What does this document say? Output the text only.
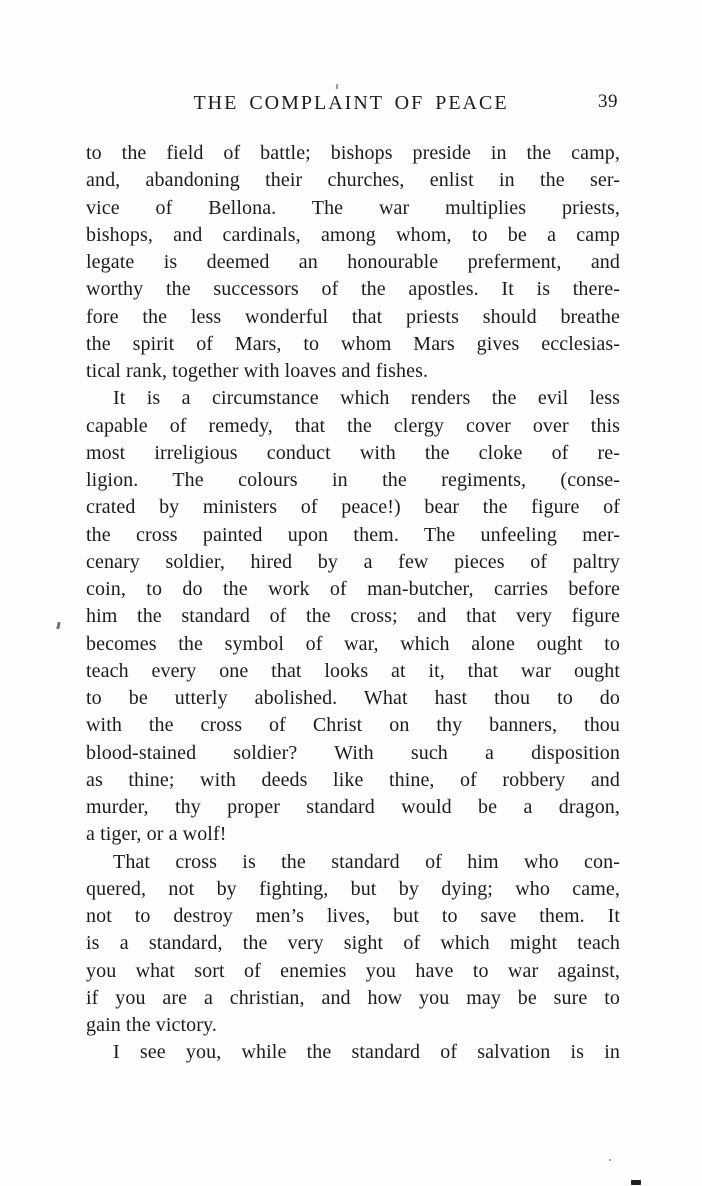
THE COMPLAINT OF PEACE	39
to the field of battle; bishops preside in the camp,
and, abandoning their churches, enlist in the ser-
vice of Bellona. The war multiplies priests,
bishops, and cardinals, among whom, to be a camp
legate is deemed an honourable preferment, and
worthy the successors of the apostles. It is there-
fore the less wonderful that priests should breathe
the spirit of Mars, to whom Mars gives ecclesias-
tical rank, together with loaves and fishes.
It is a circumstance which renders the evil less
capable of remedy, that the clergy cover over this
most irreligious conduct with the cloke of re-
ligion. The colours in the regiments, (conse-
crated by ministers of peace!) bear the figure of
the cross painted upon them. The unfeeling mer-
cenary soldier, hired by a few pieces of paltry
coin, to do the work of man-butcher, carries before
him the standard of the cross; and that very figure
becomes the symbol of war, which alone ought to
teach every one that looks at it, that war ought
to be utterly abolished. What hast thou to do
with the cross of Christ on thy banners, thou
blood-stained soldier? With such a disposition
as thine; with deeds like thine, of robbery and
murder, thy proper standard would be a dragon,
a tiger, or a wolf!
That cross is the standard of him who con-
quered, not by fighting, but by dying; who came,
not to destroy men’s lives, but to save them. It
is a standard, the very sight of which might teach
you what sort of enemies you have to war against,
if you are a christian, and how you may be sure to
gain the victory.
I see you, while the standard of salvation is in
